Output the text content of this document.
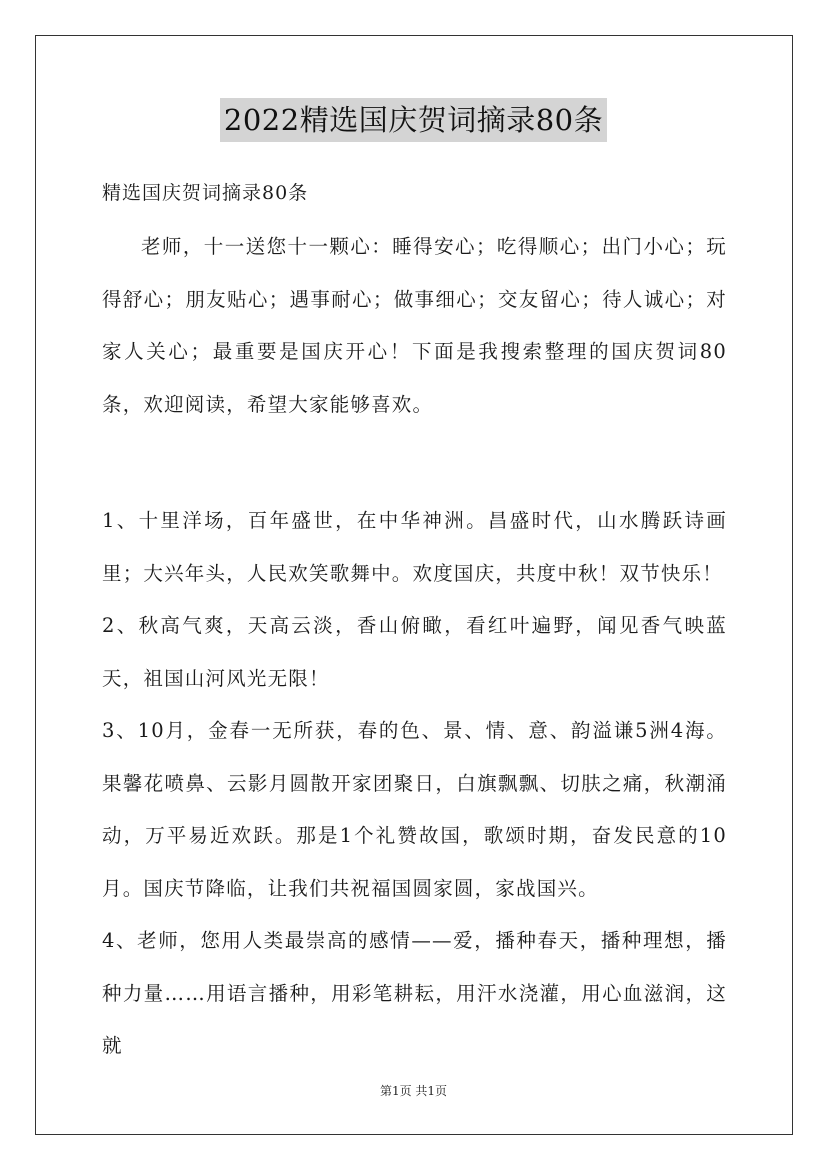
2022精选国庆贺词摘录80条
精选国庆贺词摘录80条

老师，十一送您十一颗心：睡得安心；吃得顺心；出门小心；玩得舒心；朋友贴心；遇事耐心；做事细心；交友留心；待人诚心；对家人关心；最重要是国庆开心！下面是我搜索整理的国庆贺词80条，欢迎阅读，希望大家能够喜欢。

1、十里洋场，百年盛世，在中华神洲。昌盛时代，山水腾跃诗画里；大兴年头，人民欢笑歌舞中。欢度国庆，共度中秋！双节快乐！

2、秋高气爽，天高云淡，香山俯瞰，看红叶遍野，闻见香气映蓝天，祖国山河风光无限！

3、10月，金春一无所获，春的色、景、情、意、韵溢谦5洲4海。果馨花喷鼻、云影月圆散开家团聚日，白旗飘飘、切肤之痛，秋潮涌动，万平易近欢跃。那是1个礼赞故国，歌颂时期，奋发民意的10月。国庆节降临，让我们共祝福国圆家圆，家战国兴。

4、老师，您用人类最崇高的感情——爱，播种春天，播种理想，播种力量……用语言播种，用彩笔耕耘，用汗水浇灌，用心血滋润，这就

第1页 共1页
